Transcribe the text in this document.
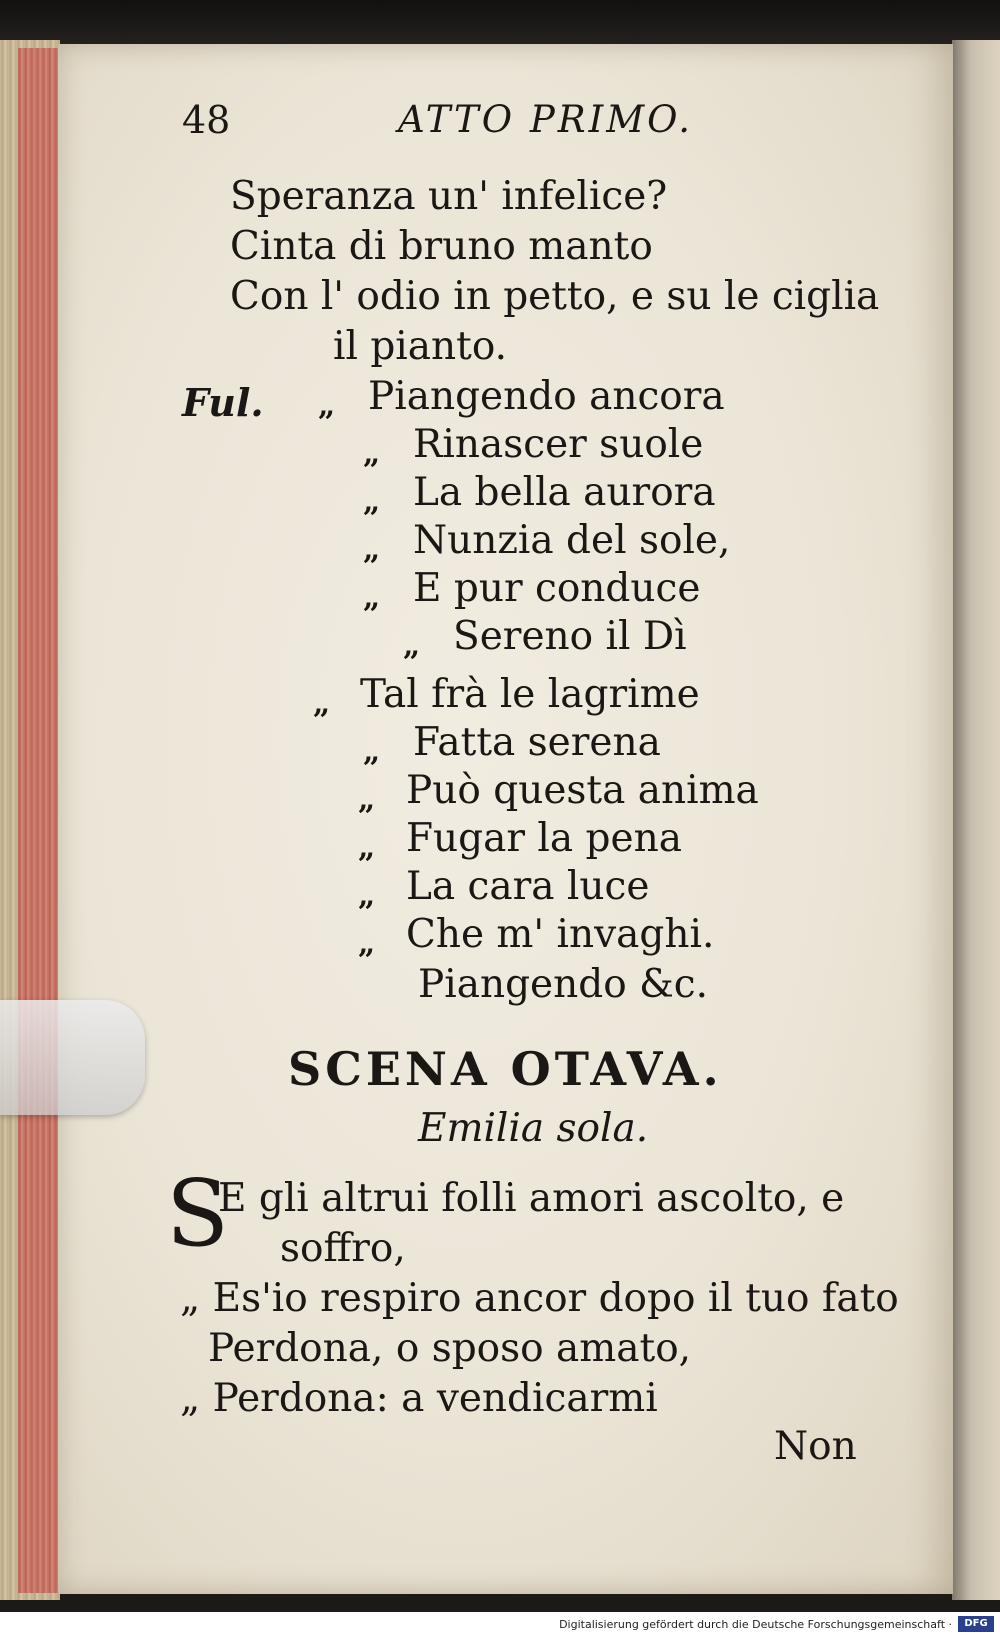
48	ATTO PRIMO.
Speranza un' infelice?
Cinta di bruno manto
Con l' odio in petto, e su le ciglia
il pianto.
Ful. „ Piangendo ancora
„ Rinascer suole
„ La bella aurora
„ Nunzia del sole,
„ E pur conduce
„ Sereno il Dì
„ Tal frà le lagrime
„ Fatta serena
„ Può questa anima
„ Fugar la pena
„ La cara luce
„ Che m' invaghi.
Piangendo &c.
SCENA OTAVA.
Emilia sola.
S
E gli altrui folli amori ascolto, e
soffro,
„ Es'io respiro ancor dopo il tuo fato
Perdona, o sposo amato,
„ Perdona: a vendicarmi
Non
Digitalisierung gefördert durch die Deutsche Forschungsgemeinschaft ·	DFG
